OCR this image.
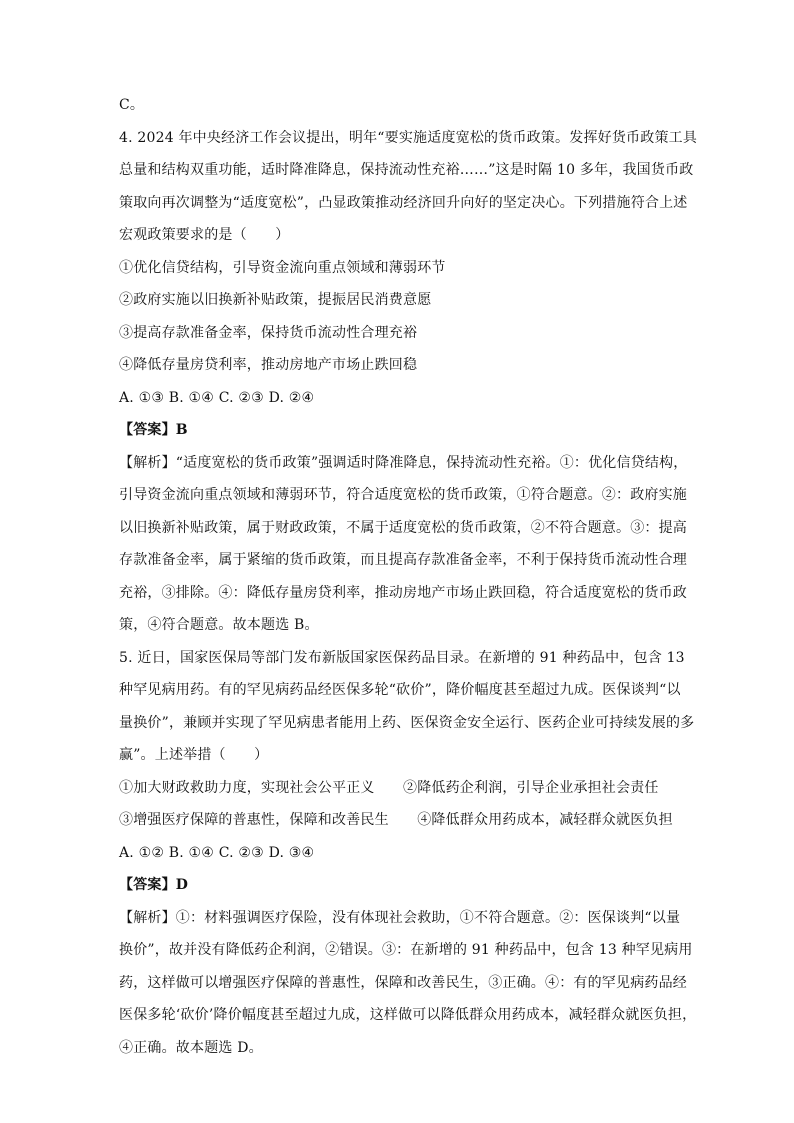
C。
4. 2024 年中央经济工作会议提出，明年“要实施适度宽松的货币政策。发挥好货币政策工具
总量和结构双重功能，适时降准降息，保持流动性充裕……”这是时隔 10 多年，我国货币政
策取向再次调整为“适度宽松”，凸显政策推动经济回升向好的坚定决心。下列措施符合上述
宏观政策要求的是（　　）
①优化信贷结构，引导资金流向重点领域和薄弱环节
②政府实施以旧换新补贴政策，提振居民消费意愿
③提高存款准备金率，保持货币流动性合理充裕
④降低存量房贷利率，推动房地产市场止跌回稳
A. ①③ B. ①④ C. ②③ D. ②④
【答案】B
【解析】“适度宽松的货币政策”强调适时降准降息，保持流动性充裕。①：优化信贷结构，
引导资金流向重点领域和薄弱环节，符合适度宽松的货币政策，①符合题意。②：政府实施
以旧换新补贴政策，属于财政政策，不属于适度宽松的货币政策，②不符合题意。③：提高
存款准备金率，属于紧缩的货币政策，而且提高存款准备金率，不利于保持货币流动性合理
充裕，③排除。④：降低存量房贷利率，推动房地产市场止跌回稳，符合适度宽松的货币政
策，④符合题意。故本题选 B。
5. 近日，国家医保局等部门发布新版国家医保药品目录。在新增的 91 种药品中，包含 13
种罕见病用药。有的罕见病药品经医保多轮“砍价”，降价幅度甚至超过九成。医保谈判“以
量换价”，兼顾并实现了罕见病患者能用上药、医保资金安全运行、医药企业可持续发展的多
赢”。上述举措（　　）
①加大财政救助力度，实现社会公平正义　　②降低药企利润，引导企业承担社会责任
③增强医疗保障的普惠性，保障和改善民生　　④降低群众用药成本，减轻群众就医负担
A. ①② B. ①④ C. ②③ D. ③④
【答案】D
【解析】①：材料强调医疗保险，没有体现社会救助，①不符合题意。②：医保谈判“以量
换价”，故并没有降低药企利润，②错误。③：在新增的 91 种药品中，包含 13 种罕见病用
药，这样做可以增强医疗保障的普惠性，保障和改善民生，③正确。④：有的罕见病药品经
医保多轮‘砍价’降价幅度甚至超过九成，这样做可以降低群众用药成本，减轻群众就医负担，
④正确。故本题选 D。
